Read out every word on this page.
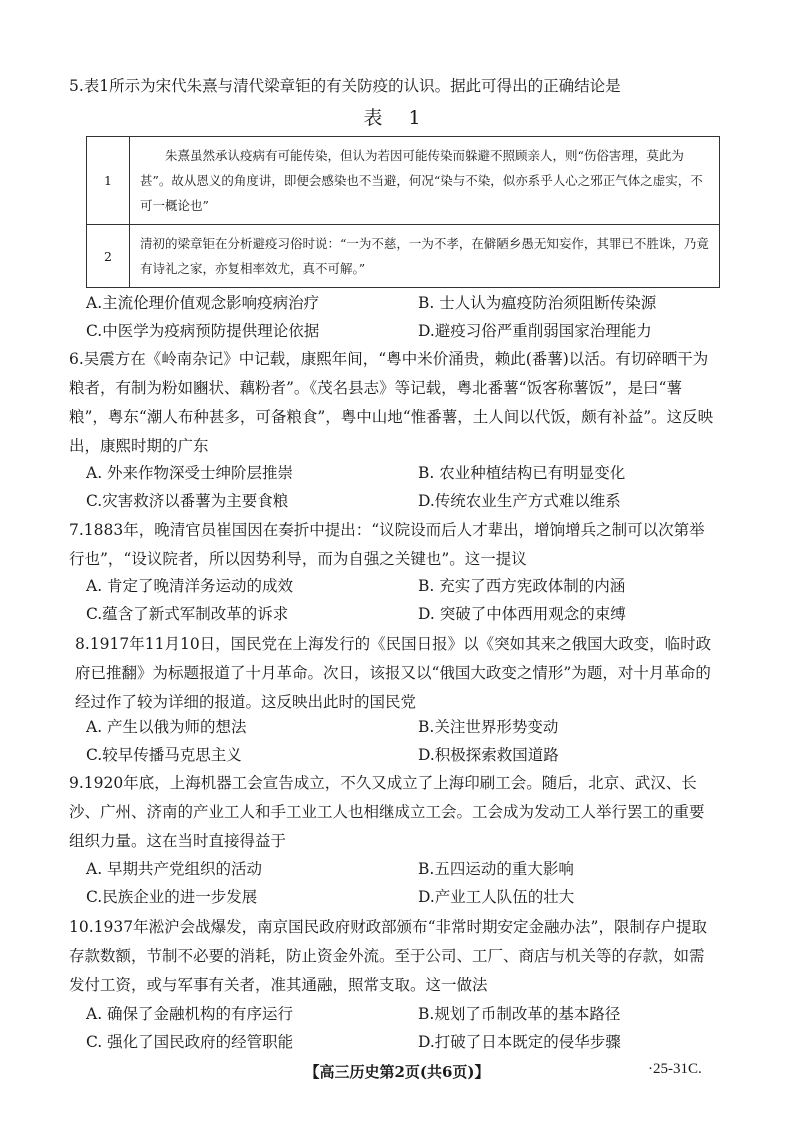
5.表1所示为宋代朱熹与清代梁章钜的有关防疫的认识。据此可得出的正确结论是
表 1
1	朱熹虽然承认疫病有可能传染，但认为若因可能传染而躲避不照顾亲人，则“伤俗害理，莫此为甚”。故从恩义的角度讲，即便会感染也不当避，何况“染与不染，似亦系乎人心之邪正气体之虚实，不可一概论也”
2	清初的梁章钜在分析避疫习俗时说：“一为不慈，一为不孝，在僻陋乡愚无知妄作，其罪已不胜诛，乃竟有诗礼之家，亦复相率效尤，真不可解。”
A.主流伦理价值观念影响疫病治疗	B. 士人认为瘟疫防治须阻断传染源
C.中医学为疫病预防提供理论依据	D.避疫习俗严重削弱国家治理能力
6.吴震方在《岭南杂记》中记载，康熙年间，“粤中米价涌贵，赖此(番薯)以活。有切碎晒干为粮者，有制为粉如豳状、藕粉者”。《茂名县志》等记载，粤北番薯“饭客称薯饭”，是曰“薯粮”，粤东“潮人布种甚多，可备粮食”，粤中山地“惟番薯，土人间以代饭，颇有补益”。这反映出，康熙时期的广东
A. 外来作物深受士绅阶层推崇	B. 农业种植结构已有明显变化
C.灾害救济以番薯为主要食粮	D.传统农业生产方式难以维系
7.1883年，晚清官员崔国因在奏折中提出：“议院设而后人才辈出，增饷增兵之制可以次第举行也”，“设议院者，所以因势利导，而为自强之关键也”。这一提议
A. 肯定了晚清洋务运动的成效	B. 充实了西方宪政体制的内涵
C.蕴含了新式军制改革的诉求	D. 突破了中体西用观念的束缚
8.1917年11月10日，国民党在上海发行的《民国日报》以《突如其来之俄国大政变，临时政府已推翻》为标题报道了十月革命。次日，该报又以“俄国大政变之情形”为题，对十月革命的经过作了较为详细的报道。这反映出此时的国民党
A. 产生以俄为师的想法	B.关注世界形势变动
C.较早传播马克思主义	D.积极探索救国道路
9.1920年底，上海机器工会宣告成立，不久又成立了上海印刷工会。随后，北京、武汉、长沙、广州、济南的产业工人和手工业工人也相继成立工会。工会成为发动工人举行罢工的重要组织力量。这在当时直接得益于
A. 早期共产党组织的活动	B.五四运动的重大影响
C.民族企业的进一步发展	D.产业工人队伍的壮大
10.1937年淞沪会战爆发，南京国民政府财政部颁布“非常时期安定金融办法”，限制存户提取存款数额，节制不必要的消耗，防止资金外流。至于公司、工厂、商店与机关等的存款，如需发付工资，或与军事有关者，准其通融，照常支取。这一做法
A. 确保了金融机构的有序运行	B.规划了币制改革的基本路径
C. 强化了国民政府的经管职能	D.打破了日本既定的侵华步骤
【高三历史第2页(共6页)】	·25-31C.
